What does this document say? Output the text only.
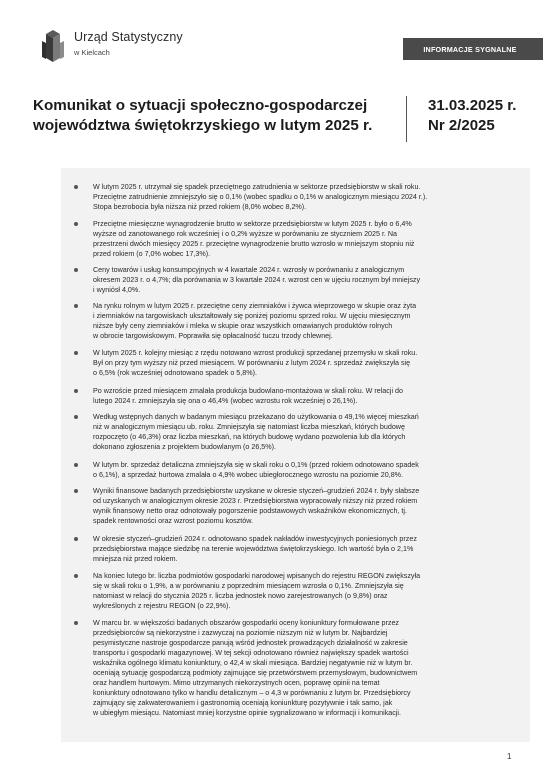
Urząd Statystyczny
w Kielcach	INFORMACJE SYGNALNE
Komunikat o sytuacji społeczno-gospodarczej
województwa świętokrzyskiego w lutym 2025 r.
31.03.2025 r.
Nr 2/2025
W lutym 2025 r. utrzymał się spadek przeciętnego zatrudnienia w sektorze przedsiębiorstw w skali roku.
Przeciętne zatrudnienie zmniejszyło się o 0,1% (wobec spadku o 0,1% w analogicznym miesiącu 2024 r.).
Stopa bezrobocia była niższa niż przed rokiem (8,0% wobec 8,2%).
Przeciętne miesięczne wynagrodzenie brutto w sektorze przedsiębiorstw w lutym 2025 r. było o 6,4%
wyższe od zanotowanego rok wcześniej i o 0,2% wyższe w porównaniu ze styczniem 2025 r. Na
przestrzeni dwóch miesięcy 2025 r. przeciętne wynagrodzenie brutto wzrosło w mniejszym stopniu niż
przed rokiem (o 7,0% wobec 17,3%).
Ceny towarów i usług konsumpcyjnych w 4 kwartale 2024 r. wzrosły w porównaniu z analogicznym
okresem 2023 r. o 4,7%; dla porównania w 3 kwartale 2024 r. wzrost cen w ujęciu rocznym był mniejszy
i wyniósł 4,0%.
Na rynku rolnym w lutym 2025 r. przeciętne ceny ziemniaków i żywca wieprzowego w skupie oraz żyta
i ziemniaków na targowiskach ukształtowały się poniżej poziomu sprzed roku. W ujęciu miesięcznym
niższe były ceny ziemniaków i mleka w skupie oraz wszystkich omawianych produktów rolnych
w obrocie targowiskowym. Poprawiła się opłacalność tuczu trzody chlewnej.
W lutym 2025 r. kolejny miesiąc z rzędu notowano wzrost produkcji sprzedanej przemysłu w skali roku.
Był on przy tym wyższy niż przed miesiącem. W porównaniu z lutym 2024 r. sprzedaż zwiększyła się
o 6,5% (rok wcześniej odnotowano spadek o 5,8%).
Po wzroście przed miesiącem zmalała produkcja budowlano-montażowa w skali roku. W relacji do
lutego 2024 r. zmniejszyła się ona o 46,4% (wobec wzrostu rok wcześniej o 26,1%).
Według wstępnych danych w badanym miesiącu przekazano do użytkowania o 49,1% więcej mieszkań
niż w analogicznym miesiącu ub. roku. Zmniejszyła się natomiast liczba mieszkań, których budowę
rozpoczęto (o 46,3%) oraz liczba mieszkań, na których budowę wydano pozwolenia lub dla których
dokonano zgłoszenia z projektem budowlanym (o 26,5%).
W lutym br. sprzedaż detaliczna zmniejszyła się w skali roku o 0,1% (przed rokiem odnotowano spadek
o 6,1%), a sprzedaż hurtowa zmalała o 4,9% wobec ubiegłorocznego wzrostu na poziomie 20,8%.
Wyniki finansowe badanych przedsiębiorstw uzyskane w okresie styczeń–grudzień 2024 r. były słabsze
od uzyskanych w analogicznym okresie 2023 r. Przedsiębiorstwa wypracowały niższy niż przed rokiem
wynik finansowy netto oraz odnotowały pogorszenie podstawowych wskaźników ekonomicznych, tj.
spadek rentowności oraz wzrost poziomu kosztów.
W okresie styczeń–grudzień 2024 r. odnotowano spadek nakładów inwestycyjnych poniesionych przez
przedsiębiorstwa mające siedzibę na terenie województwa świętokrzyskiego. Ich wartość była o 2,1%
mniejsza niż przed rokiem.
Na koniec lutego br. liczba podmiotów gospodarki narodowej wpisanych do rejestru REGON zwiększyła
się w skali roku o 1,9%, a w porównaniu z poprzednim miesiącem wzrosła o 0,1%. Zmniejszyła się
natomiast w relacji do stycznia 2025 r. liczba jednostek nowo zarejestrowanych (o 9,8%) oraz
wykreślonych z rejestru REGON (o 22,9%).
W marcu br. w większości badanych obszarów gospodarki oceny koniunktury formułowane przez
przedsiębiorców są niekorzystne i zazwyczaj na poziomie niższym niż w lutym br. Najbardziej
pesymistyczne nastroje gospodarcze panują wśród jednostek prowadzących działalność w zakresie
transportu i gospodarki magazynowej. W tej sekcji odnotowano również największy spadek wartości
wskaźnika ogólnego klimatu koniunktury, o 42,4 w skali miesiąca. Bardziej negatywnie niż w lutym br.
oceniają sytuację gospodarczą podmioty zajmujące się przetwórstwem przemysłowym, budownictwem
oraz handlem hurtowym. Mimo utrzymanych niekorzystnych ocen, poprawę opinii na temat
koniunktury odnotowano tylko w handlu detalicznym – o 4,3 w porównaniu z lutym br. Przedsiębiorcy
zajmujący się zakwaterowaniem i gastronomią oceniają koniunkturę pozytywnie i tak samo, jak
w ubiegłym miesiącu. Natomiast mniej korzystne opinie sygnalizowano w informacji i komunikacji.
1
